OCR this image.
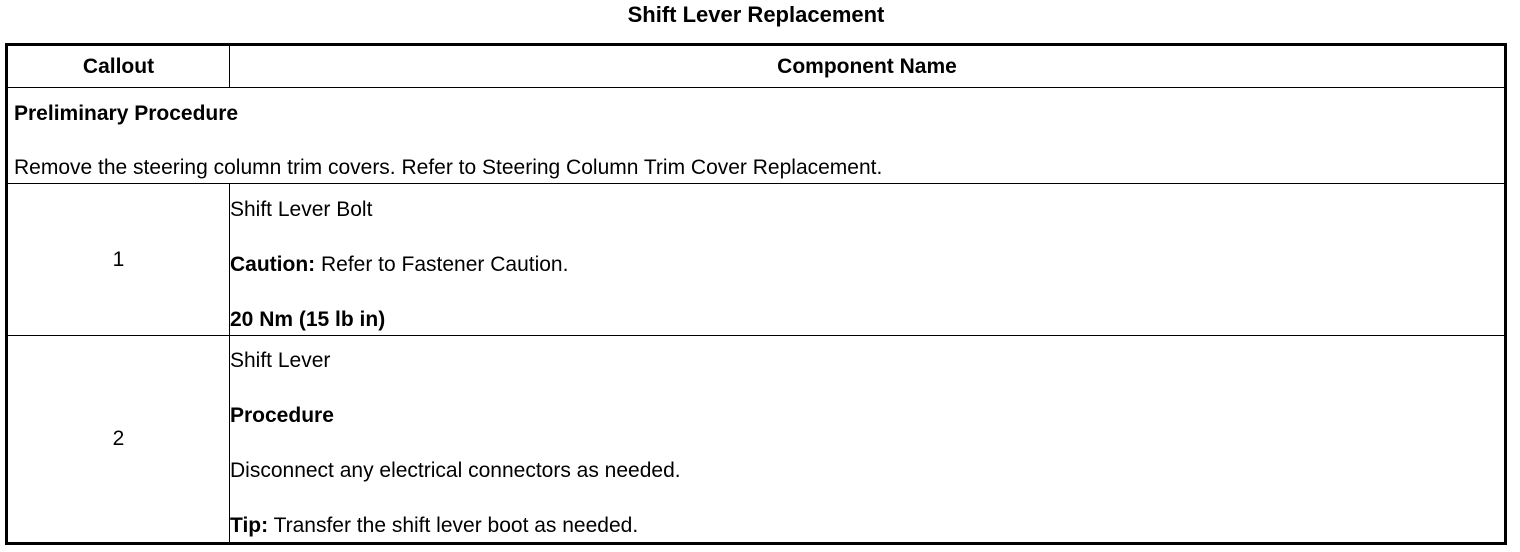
Shift Lever Replacement
Callout	Component Name

Preliminary Procedure
Remove the steering column trim covers. Refer to Steering Column Trim Cover Replacement.	

1	Shift Lever Bolt
Caution: Refer to Fastener Caution.
20 Nm (15 lb in)

2	Shift Lever
Procedure
Disconnect any electrical connectors as needed.
Tip: Transfer the shift lever boot as needed.
